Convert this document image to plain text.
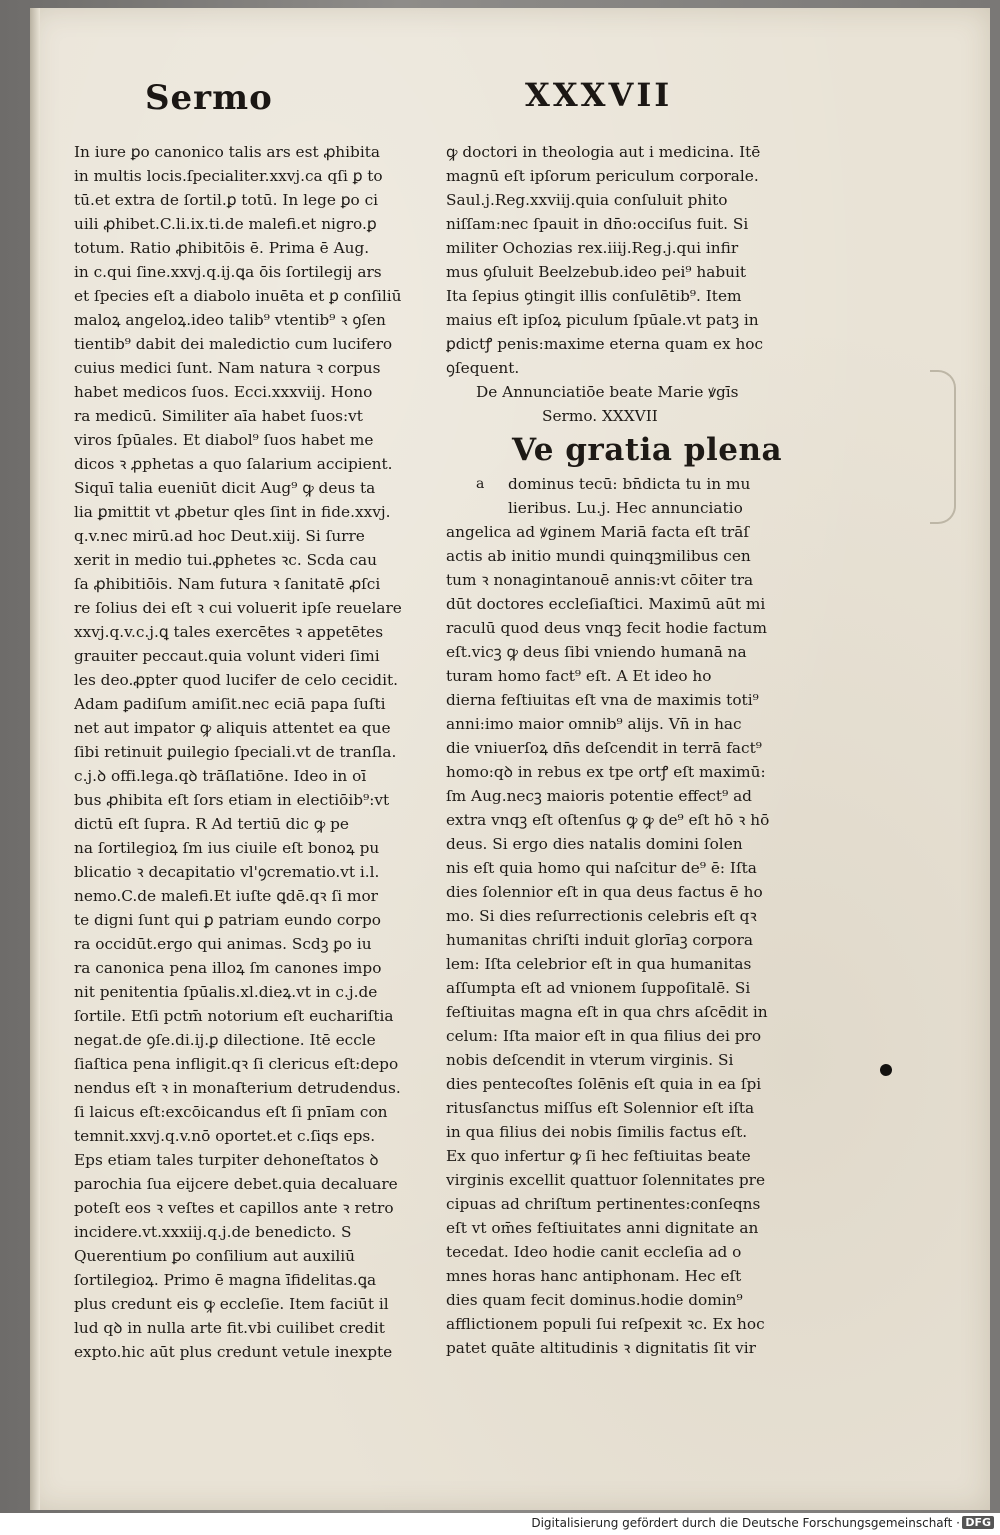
Sermo
	XXXVII
In iure ꝑo canonico talis ars est ꝓhibita
in multis locis.ſpecialiter.xxvj.ca qſi ꝑ to
tū.et extra de ſortil.ꝑ totū. In lege ꝑo ci
uili ꝓhibet.C.li.ix.ti.de malefi.et nigro.ꝑ
totum. Ratio ꝓhibitōis ē. Prima ē Aug.
in c.qui ſine.xxvj.q.ij.ꝗa ōis ſortilegij ars
et ſpecies eſt a diabolo inuēta et ꝑ conſiliū
maloꝝ angeloꝝ.ideo talib⁹ vtentib⁹ ꝛ ꝯſen
tientib⁹ dabit dei maledictio cum lucifero
cuius medici ſunt. Nam natura ꝛ corpus
habet medicos ſuos. Ecci.xxxviij. Hono
ra medicū. Similiter aīa habet ſuos:vt
viros ſpūales. Et diabol⁹ ſuos habet me
dicos ꝛ ꝓphetas a quo ſalarium accipient.
Siquī talia eueniūt dicit Aug⁹ ꝙ deus ta
lia ꝑmittit vt ꝓbetur qles ſint in fide.xxvj.
q.v.nec mirū.ad hoc Deut.xiij. Si ſurre
xerit in medio tui.ꝓphetes ꝛc. Scda cau
ſa ꝓhibitiōis. Nam futura ꝛ ſanitatē ꝓſci
re ſolius dei eſt ꝛ cui voluerit ipſe reuelare
xxvj.q.v.c.j.ꝗ tales exercētes ꝛ appetētes
grauiter peccaut.quia volunt videri ſimi
les deo.ꝓpter quod lucifer de celo cecidit.
Adam ꝑadiſum amiſit.nec eciā papa ſuſti
net aut impator ꝙ aliquis attentet ea que
ſibi retinuit ꝑuilegio ſpeciali.vt de tranſla.
c.j.ꝺ offi.lega.qꝺ trāſlatiōne. Ideo in oī
bus ꝓhibita eſt ſors etiam in electiōib⁹:vt
dictū eſt ſupra. R Ad tertiū dic ꝙ pe
na ſortilegioꝝ ſm ius ciuile eſt bonoꝝ pu
blicatio ꝛ decapitatio vl'ꝯcrematio.vt i.l.
nemo.C.de malefi.Et iuſte ꝗdē.qꝛ ſi mor
te digni ſunt qui ꝑ patriam eundo corpo
ra occidūt.ergo qui animas. Scdꝫ ꝑo iu
ra canonica pena illoꝝ ſm canones impo
nit penitentia ſpūalis.xl.dieꝝ.vt in c.j.de
ſortile. Etſi pctm̄ notorium eſt euchariſtia
negat.de ꝯſe.di.ij.ꝑ dilectione. Itē eccle
ſiaſtica pena infligit.qꝛ ſi clericus eſt:depo
nendus eſt ꝛ in monaſterium detrudendus.
ſi laicus eſt:excōicandus eſt ſi pnīam con
temnit.xxvj.q.v.nō oportet.et c.ſiqs eps.
Eps etiam tales turpiter dehoneſtatos ꝺ
parochia ſua eijcere debet.quia decaluare
poteſt eos ꝛ veſtes et capillos ante ꝛ retro
incidere.vt.xxxiij.q.j.de benedicto. S
Querentium ꝑo conſilium aut auxiliū
ſortilegioꝝ. Primo ē magna īfidelitas.ꝗa
plus credunt eis ꝙ eccleſie. Item faciūt il
lud qꝺ in nulla arte fit.vbi cuilibet credit
expto.hic aūt plus credunt vetule inexpte
ꝙ doctori in theologia aut i medicina. Itē
magnū eſt ipſorum periculum corporale.
Saul.j.Reg.xxviij.quia conſuluit phito
niſſam:nec ſpauit in dn̄o:occiſus fuit. Si
militer Ochozias rex.iiij.Reg.j.qui infir
mus ꝯſuluit Beelzebub.ideo pei⁹ habuit
Ita ſepius ꝯtingit illis conſulētib⁹. Item
maius eſt ipſoꝝ piculum ſpūale.vt patꝫ in
ꝑdictꝭ penis:maxime eterna quam ex hoc
ꝯſequent.
De Annunciatiōe beate Marie ꝟgīs
Sermo. XXXVII
Ve gratia plena
a	dominus tecū: bn̄dicta tu in mu
lieribus. Lu.j. Hec annunciatio
angelica ad ꝟginem Mariā facta eſt trāſ
actis ab initio mundi quinqꝫmilibus cen
tum ꝛ nonagintanouē annis:vt cōiter tra
dūt doctores eccleſiaſtici. Maximū aūt mi
raculū quod deus vnqꝫ fecit hodie factum
eſt.vicꝫ ꝙ deus ſibi vniendo humanā na
turam homo fact⁹ eſt. A Et ideo ho
dierna feſtiuitas eſt vna de maximis toti⁹
anni:imo maior omnib⁹ alijs. Vn̄ in hac
die vniuerſoꝝ dn̄s deſcendit in terrā fact⁹
homo:qꝺ in rebus ex tpe ortꝭ eſt maximū:
ſm Aug.necꝫ maioris potentie effect⁹ ad
extra vnqꝫ eſt oſtenſus ꝙ ꝙ de⁹ eſt hō ꝛ hō
deus. Si ergo dies natalis domini ſolen
nis eſt quia homo qui naſcitur de⁹ ē: Iſta
dies ſolennior eſt in qua deus factus ē ho
mo. Si dies reſurrectionis celebris eſt qꝛ
humanitas chriſti induit glorīaꝫ corpora
lem: Iſta celebrior eſt in qua humanitas
aſſumpta eſt ad vnionem ſuppoſitalē. Si
feſtiuitas magna eſt in qua chrs aſcēdit in
celum: Iſta maior eſt in qua filius dei pro
nobis deſcendit in vterum virginis. Si
dies pentecoſtes ſolēnis eſt quia in ea ſpi
ritusſanctus miſſus eſt Solennior eſt iſta
in qua filius dei nobis ſimilis factus eſt.
Ex quo infertur ꝙ ſi hec feſtiuitas beate
virginis excellit quattuor ſolennitates pre
cipuas ad chriſtum pertinentes:conſeqns
eſt vt om̄es feſtiuitates anni dignitate an
tecedat. Ideo hodie canit eccleſia ad o
mnes horas hanc antiphonam. Hec eſt
dies quam fecit dominus.hodie domin⁹
afflictionem populi ſui reſpexit ꝛc. Ex hoc
patet quāte altitudinis ꝛ dignitatis ſit vir
Digitalisierung gefördert durch die Deutsche Forschungsgemeinschaft · DFG
